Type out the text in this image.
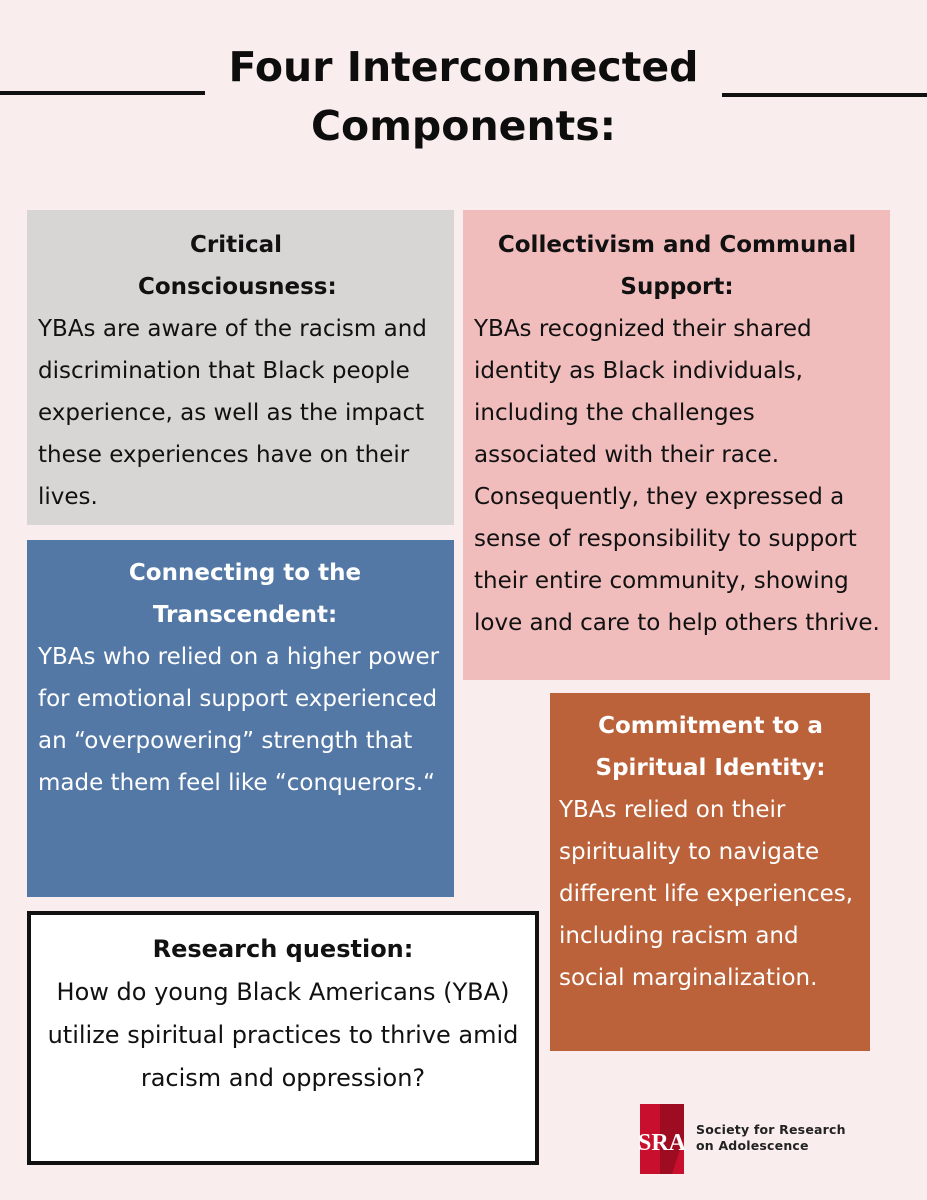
Four Interconnected Components:
Critical Consciousness:

YBAs are aware of the racism and discrimination that Black people experience, as well as the impact these experiences have on their lives.

Collectivism and Communal Support:

YBAs recognized their shared identity as Black individuals, including the challenges associated with their race. Consequently, they expressed a sense of responsibility to support their entire community, showing love and care to help others thrive.

Connecting to the Transcendent:

YBAs who relied on a higher power for emotional support experienced an “overpowering” strength that made them feel like “conquerors.“

Commitment to a Spiritual Identity:

YBAs relied on their spirituality to navigate different life experiences, including racism and social marginalization.

Research question:

How do young Black Americans (YBA) utilize spiritual practices to thrive amid racism and oppression?

SRA
Society for Research
on Adolescence
